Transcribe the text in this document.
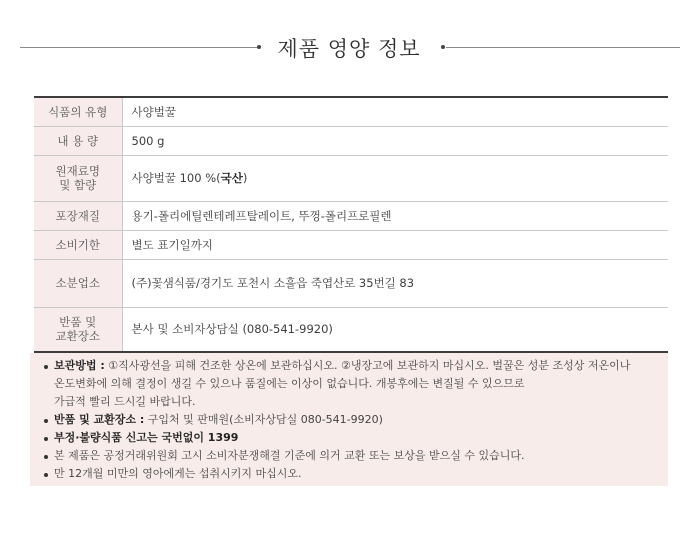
제품 영양 정보
식품의 유형	사양벌꿀
내 용 량	500 g

원재료명
및 함량	사양벌꿀 100 %(국산)
포장재질	용기-폴리에틸렌테레프탈레이트, 뚜껑-폴리프로필렌
소비기한	별도 표기일까지
소분업소	(주)꽃샘식품/경기도 포천시 소흘읍 죽엽산로 35번길 83

반품 및
교환장소	본사 및 소비자상담실 (080-541-9920)
보관방법 : ①직사광선을 피해 건조한 상온에 보관하십시오. ②냉장고에 보관하지 마십시오. 벌꿀은 성분 조성상 저온이나
온도변화에 의해 결정이 생길 수 있으나 품질에는 이상이 없습니다. 개봉후에는 변질될 수 있으므로
가급적 빨리 드시길 바랍니다.
반품 및 교환장소 : 구입처 및 판매원(소비자상담실 080-541-9920)
부정·불량식품 신고는 국번없이 1399
본 제품은 공정거래위원회 고시 소비자분쟁해결 기준에 의거 교환 또는 보상을 받으실 수 있습니다.
만 12개월 미만의 영아에게는 섭취시키지 마십시오.
